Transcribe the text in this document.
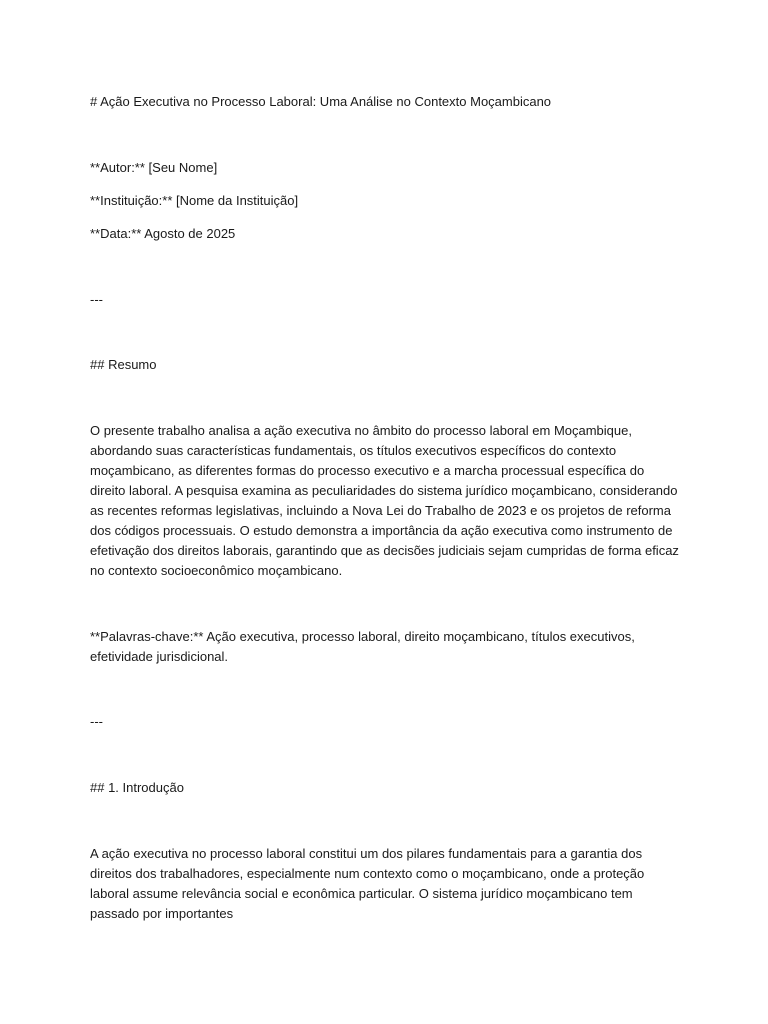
# Ação Executiva no Processo Laboral: Uma Análise no Contexto Moçambicano

**Autor:** [Seu Nome]

**Instituição:** [Nome da Instituição]

**Data:** Agosto de 2025

---

## Resumo

O presente trabalho analisa a ação executiva no âmbito do processo laboral em Moçambique, abordando suas características fundamentais, os títulos executivos específicos do contexto moçambicano, as diferentes formas do processo executivo e a marcha processual específica do direito laboral. A pesquisa examina as peculiaridades do sistema jurídico moçambicano, considerando as recentes reformas legislativas, incluindo a Nova Lei do Trabalho de 2023 e os projetos de reforma dos códigos processuais. O estudo demonstra a importância da ação executiva como instrumento de efetivação dos direitos laborais, garantindo que as decisões judiciais sejam cumpridas de forma eficaz no contexto socioeconômico moçambicano.

**Palavras-chave:** Ação executiva, processo laboral, direito moçambicano, títulos executivos, efetividade jurisdicional.

---

## 1. Introdução

A ação executiva no processo laboral constitui um dos pilares fundamentais para a garantia dos direitos dos trabalhadores, especialmente num contexto como o moçambicano, onde a proteção laboral assume relevância social e econômica particular. O sistema jurídico moçambicano tem passado por importantes
